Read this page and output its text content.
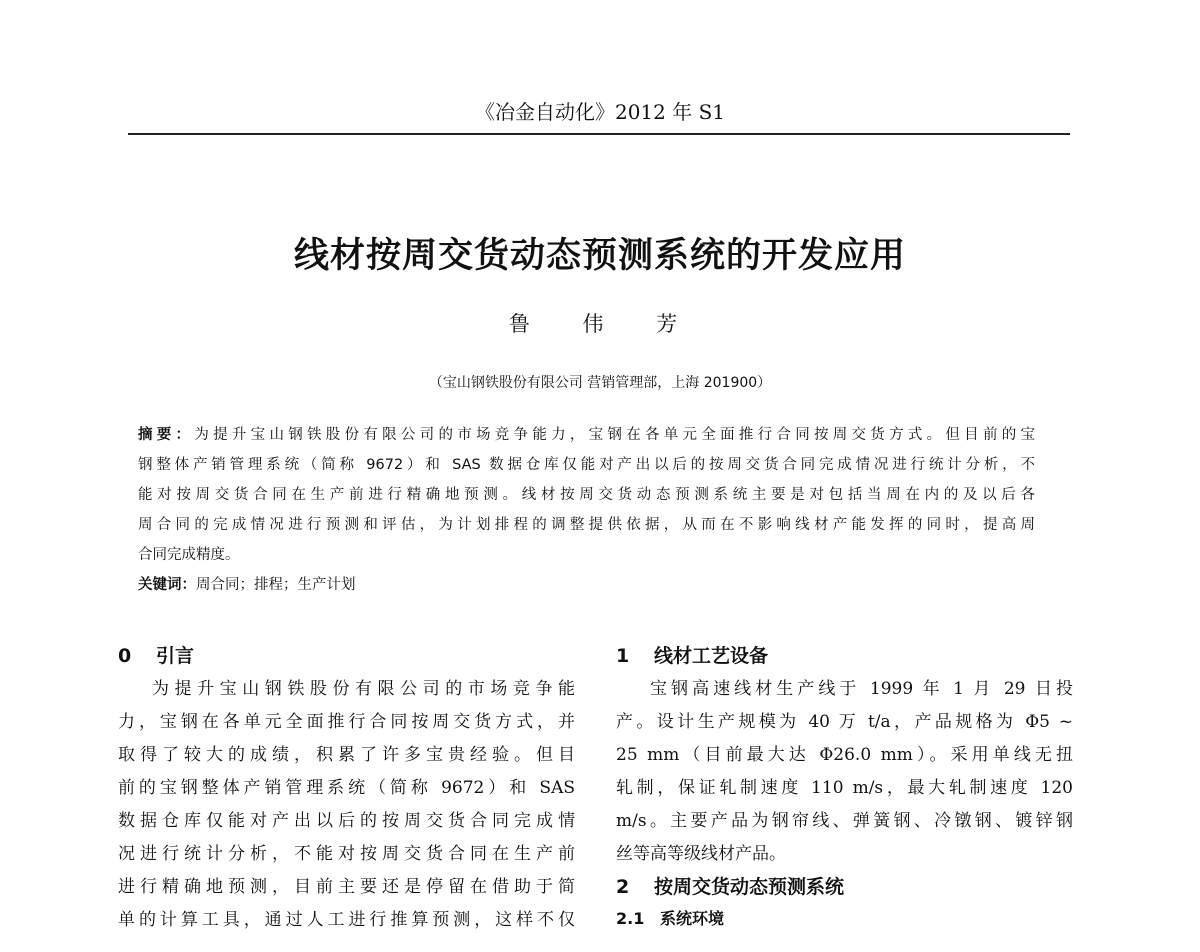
《冶金自动化》2012 年 S1
线材按周交货动态预测系统的开发应用
鲁 伟 芳
（宝山钢铁股份有限公司 营销管理部，上海 201900）
摘要：为提升宝山钢铁股份有限公司的市场竞争能力，宝钢在各单元全面推行合同按周交货方式。但目前的宝
钢整体产销管理系统（简称 9672）和 SAS 数据仓库仅能对产出以后的按周交货合同完成情况进行统计分析，不
能对按周交货合同在生产前进行精确地预测。线材按周交货动态预测系统主要是对包括当周在内的及以后各
周合同的完成情况进行预测和评估，为计划排程的调整提供依据，从而在不影响线材产能发挥的同时，提高周
合同完成精度。
关键词：周合同；排程；生产计划
0 引言
为提升宝山钢铁股份有限公司的市场竞争能
力，宝钢在各单元全面推行合同按周交货方式，并
取得了较大的成绩，积累了许多宝贵经验。但目
前的宝钢整体产销管理系统（简称 9672）和 SAS
数据仓库仅能对产出以后的按周交货合同完成情
况进行统计分析，不能对按周交货合同在生产前
进行精确地预测，目前主要还是停留在借助于简
单的计算工具，通过人工进行推算预测，这样不仅
1 线材工艺设备
宝钢高速线材生产线于 1999 年 1 月 29 日投
产。设计生产规模为 40 万 t/a，产品规格为 Φ5 ~
25 mm（目前最大达 Φ26.0 mm）。采用单线无扭
轧制，保证轧制速度 110 m/s，最大轧制速度 120
m/s。主要产品为钢帘线、弹簧钢、冷镦钢、镀锌钢
丝等高等级线材产品。
2 按周交货动态预测系统
2.1 系统环境
